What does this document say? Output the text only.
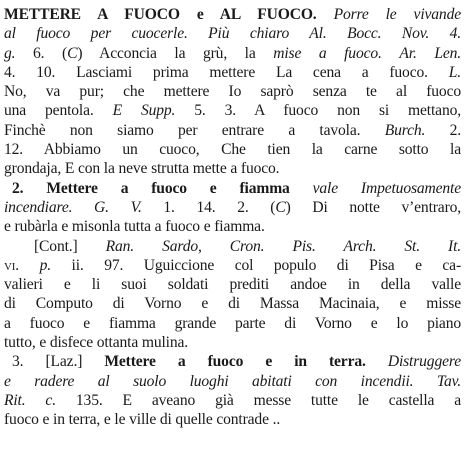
METTERE A FUOCO e AL FUOCO. Porre le vivande
al fuoco per cuocerle. Più chiaro Al. Bocc. Nov. 4.
g. 6. (C) Acconcia la grù, la mise a fuoco. Ar. Len.
4. 10. Lasciami prima mettere La cena a fuoco. L.
No, va pur; che mettere Io saprò senza te al fuoco
una pentola. E Supp. 5. 3. A fuoco non si mettano,
Finchè non siamo per entrare a tavola. Burch. 2.
12. Abbiamo un cuoco, Che tien la carne sotto la
grondaja, E con la neve strutta mette a fuoco.
2. Mettere a fuoco e fiamma vale Impetuosamente
incendiare. G. V. 1. 14. 2. (C) Di notte v’entraro,
e rubàrla e misonla tutta a fuoco e fiamma.
[Cont.] Ran. Sardo, Cron. Pis. Arch. St. It.
vi. p. ii. 97. Uguiccione col populo di Pisa e ca-
valieri e li suoi soldati prediti andoe in della valle
di Computo di Vorno e di Massa Macinaia, e misse
a fuoco e fiamma grande parte di Vorno e lo piano
tutto, e disfece ottanta mulina.
3. [Laz.] Mettere a fuoco e in terra. Distruggere
e radere al suolo luoghi abitati con incendii. Tav.
Rit. c. 135. E aveano già messe tutte le castella a
fuoco e in terra, e le ville di quelle contrade ..
